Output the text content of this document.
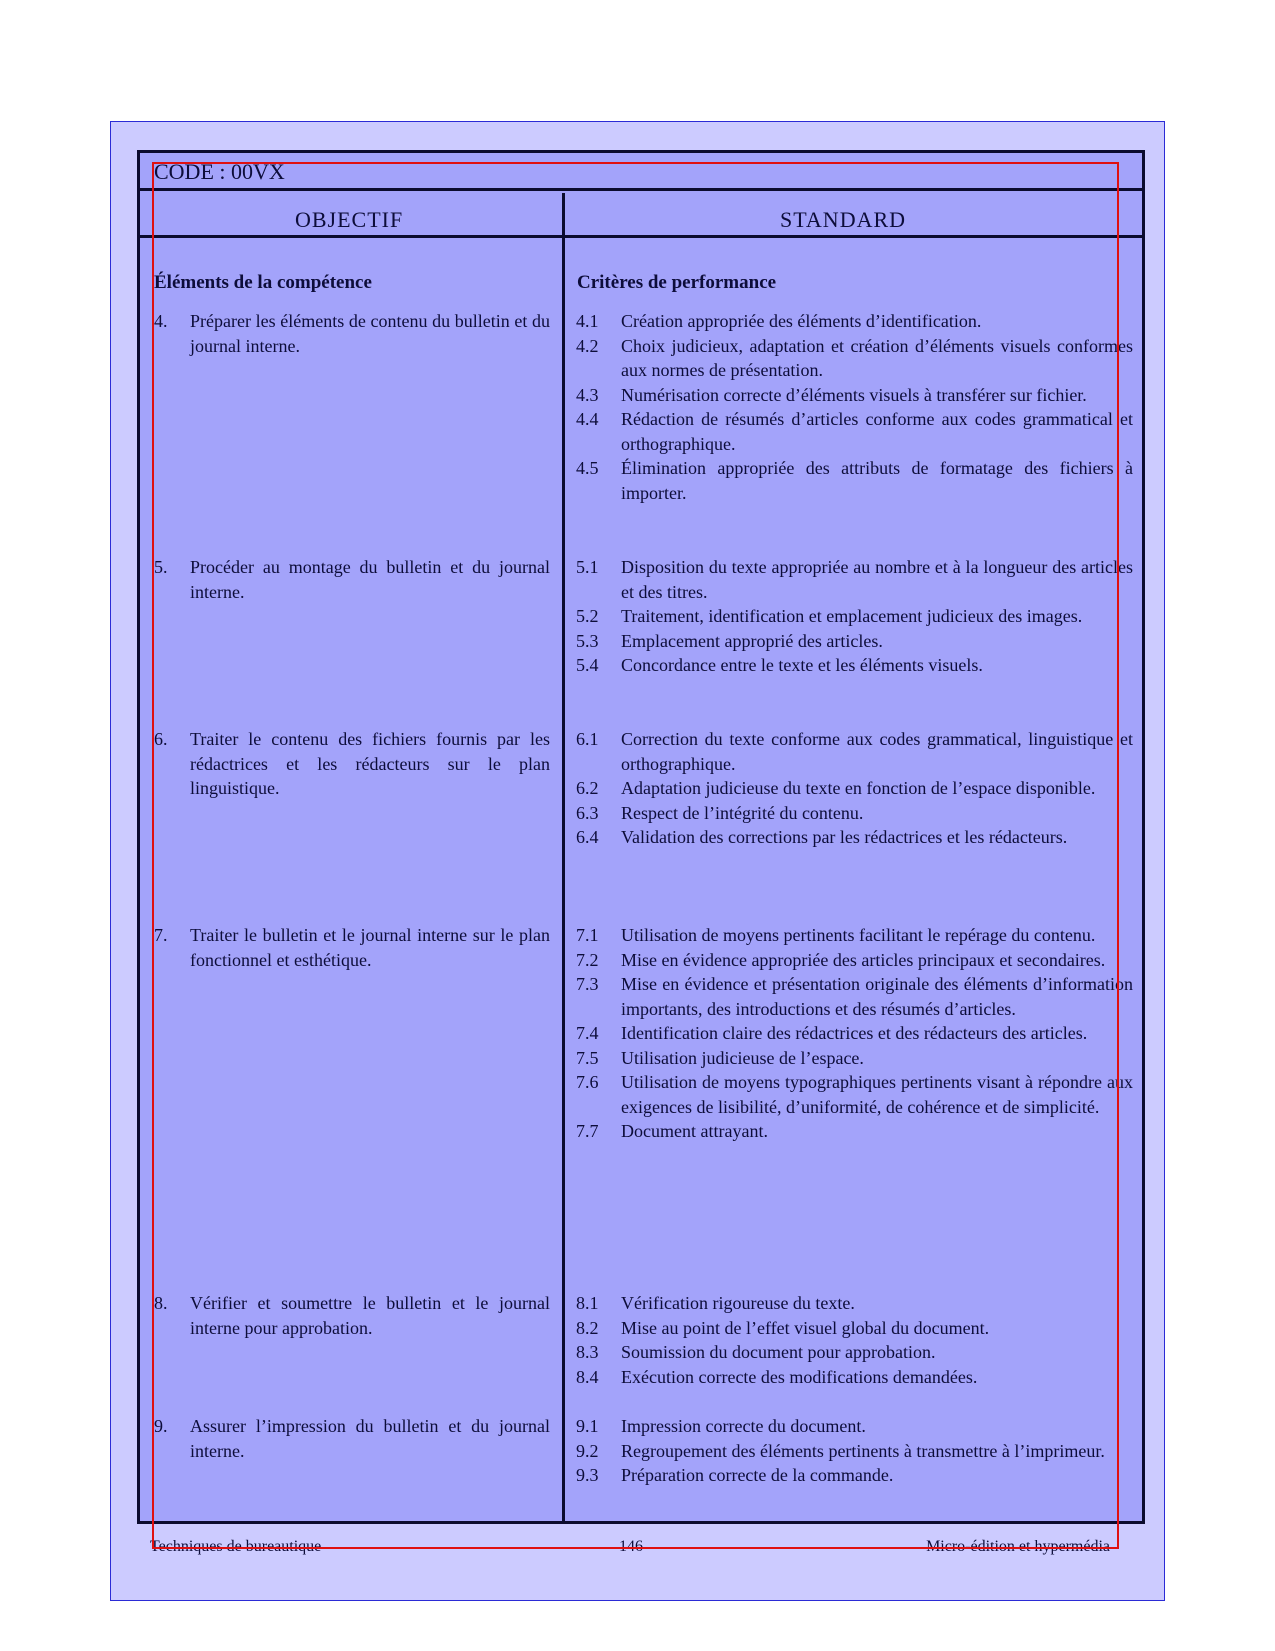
CODE : 00VX
OBJECTIF	STANDARD
Éléments de la compétence	Critères de performance
4.	Préparer les éléments de contenu du bulletin et du journal interne.
4.1	Création appropriée des éléments d’identification.
4.2	Choix judicieux, adaptation et création d’éléments visuels conformes aux normes de présentation.
4.3	Numérisation correcte d’éléments visuels à transférer sur fichier.
4.4	Rédaction de résumés d’articles conforme aux codes grammatical et orthographique.
4.5	Élimination appropriée des attributs de formatage des fichiers à importer.
5.	Procéder au montage du bulletin et du journal interne.
5.1	Disposition du texte appropriée au nombre et à la longueur des articles et des titres.
5.2	Traitement, identification et emplacement judicieux des images.
5.3	Emplacement approprié des articles.
5.4	Concordance entre le texte et les éléments visuels.
6.	Traiter le contenu des fichiers fournis par les rédactrices et les rédacteurs sur le plan linguistique.
6.1	Correction du texte conforme aux codes grammatical, linguistique et orthographique.
6.2	Adaptation judicieuse du texte en fonction de l’espace disponible.
6.3	Respect de l’intégrité du contenu.
6.4	Validation des corrections par les rédactrices et les rédacteurs.
7.	Traiter le bulletin et le journal interne sur le plan fonctionnel et esthétique.
7.1	Utilisation de moyens pertinents facilitant le repérage du contenu.
7.2	Mise en évidence appropriée des articles principaux et secondaires.
7.3	Mise en évidence et présentation originale des éléments d’information importants, des introductions et des résumés d’articles.
7.4	Identification claire des rédactrices et des rédacteurs des articles.
7.5	Utilisation judicieuse de l’espace.
7.6	Utilisation de moyens typographiques pertinents visant à répondre aux exigences de lisibilité, d’uniformité, de cohérence et de simplicité.
7.7	Document attrayant.
8.	Vérifier et soumettre le bulletin et le journal interne pour approbation.
8.1	Vérification rigoureuse du texte.
8.2	Mise au point de l’effet visuel global du document.
8.3	Soumission du document pour approbation.
8.4	Exécution correcte des modifications demandées.
9.	Assurer l’impression du bulletin et du journal interne.
9.1	Impression correcte du document.
9.2	Regroupement des éléments pertinents à transmettre à l’imprimeur.
9.3	Préparation correcte de la commande.
Techniques de bureautique	146	Micro-édition et hypermédia
